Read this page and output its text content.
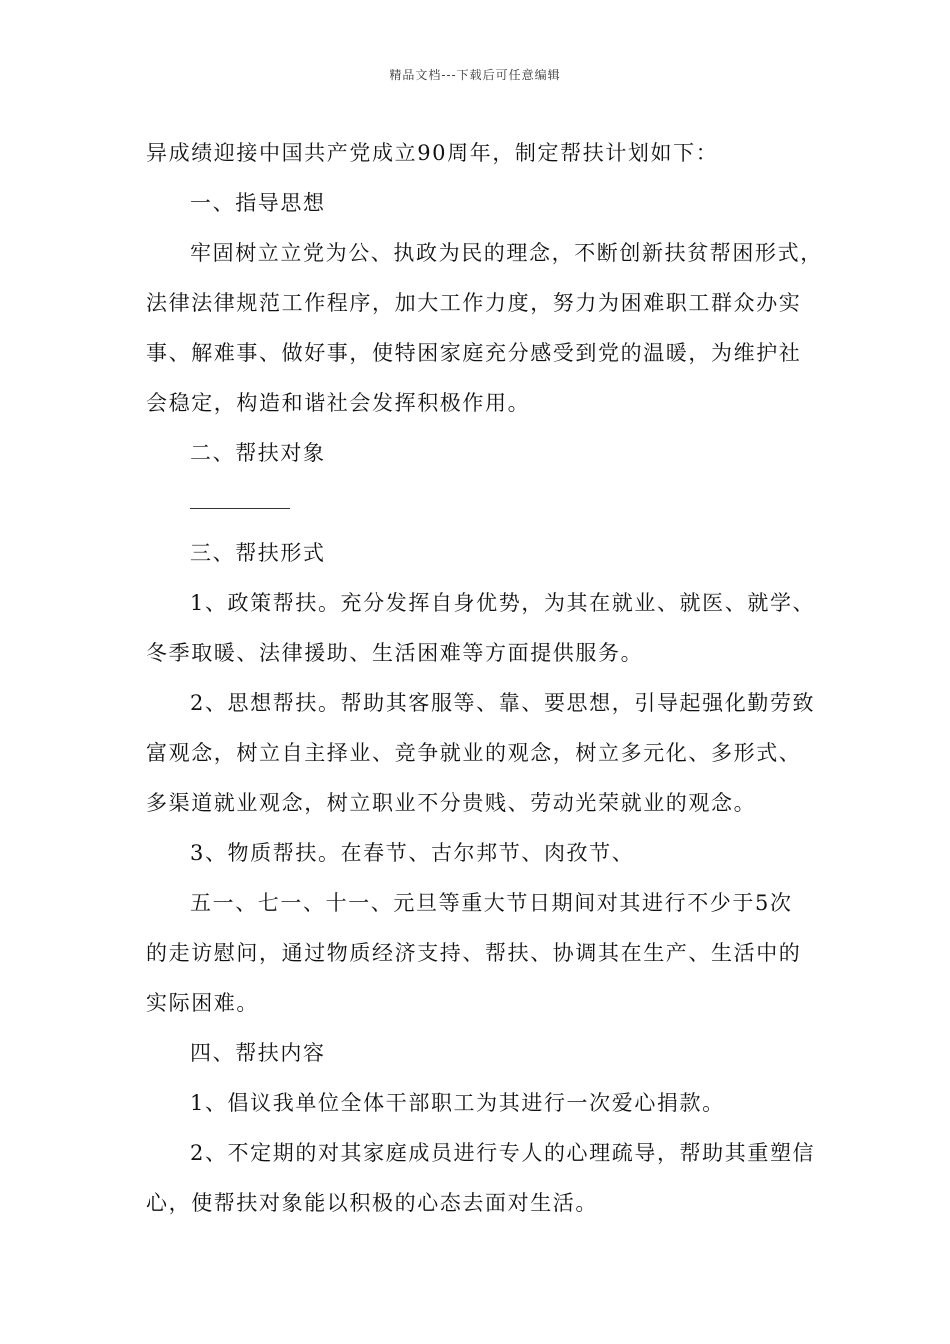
精品文档---下载后可任意编辑
异成绩迎接中国共产党成立90周年，制定帮扶计划如下：
一、指导思想
牢固树立立党为公、执政为民的理念，不断创新扶贫帮困形式，
法律法律规范工作程序，加大工作力度，努力为困难职工群众办实
事、解难事、做好事，使特困家庭充分感受到党的温暖，为维护社
会稳定，构造和谐社会发挥积极作用。
二、帮扶对象
三、帮扶形式
1、政策帮扶。充分发挥自身优势，为其在就业、就医、就学、
冬季取暖、法律援助、生活困难等方面提供服务。
2、思想帮扶。帮助其客服等、靠、要思想，引导起强化勤劳致
富观念，树立自主择业、竞争就业的观念，树立多元化、多形式、
多渠道就业观念，树立职业不分贵贱、劳动光荣就业的观念。
3、物质帮扶。在春节、古尔邦节、肉孜节、
五一、七一、十一、元旦等重大节日期间对其进行不少于5次
的走访慰问，通过物质经济支持、帮扶、协调其在生产、生活中的
实际困难。
四、帮扶内容
1、倡议我单位全体干部职工为其进行一次爱心捐款。
2、不定期的对其家庭成员进行专人的心理疏导，帮助其重塑信
心，使帮扶对象能以积极的心态去面对生活。
